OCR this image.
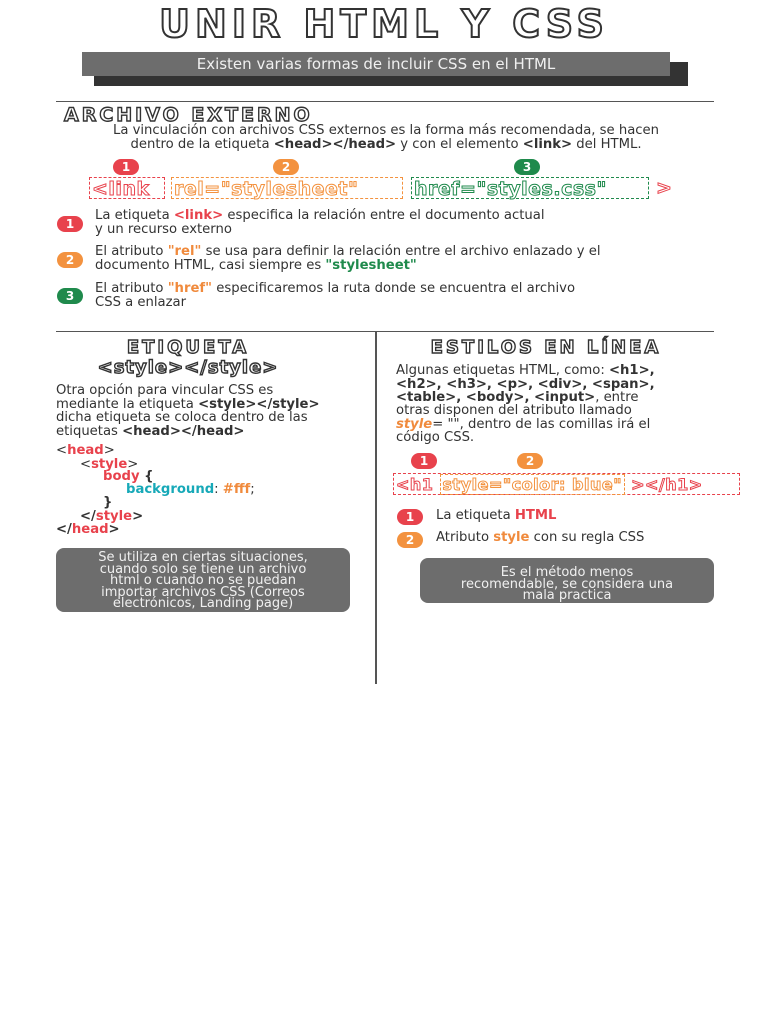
UNIR HTML Y CSS
Existen varias formas de incluir CSS en el HTML
ARCHIVO EXTERNO
La vinculación con archivos CSS externos es la forma más recomendada, se hacen
dentro de la etiqueta <head></head> y con el elemento <link> del HTML.
1	2	3
<link	rel="stylesheet"	href="styles.css"	>
1
La etiqueta <link> especifica la relación entre el documento actual
y un recurso externo
2
El atributo "rel" se usa para definir la relación entre el archivo enlazado y el
documento HTML, casi siempre es "stylesheet"
3	El atributo "href" especificaremos la ruta donde se encuentra el archivo
CSS a enlazar
ETIQUETA
<style></style>
Otra opción para vincular CSS es
mediante la etiqueta <style></style>
dicha etiqueta se coloca dentro de las
etiquetas <head></head>
<head>
<style>
body {
background: #fff;
}
</style>
</head>
Se utiliza en ciertas situaciones,
cuando solo se tiene un archivo
html o cuando no se puedan
importar archivos CSS (Correos
electrónicos, Landing page)
ESTILOS EN LÍNEA
Algunas etiquetas HTML, como: <h1>,
<h2>, <h3>, <p>, <div>, <span>,
<table>, <body>, <input>, entre
otras disponen del atributo llamado
style= "", dentro de las comillas irá el
código CSS.
1	2
<h1 style="color: blue" ></h1>
1	La etiqueta HTML
2	Atributo style con su regla CSS
Es el método menos
recomendable, se considera una
mala practica
